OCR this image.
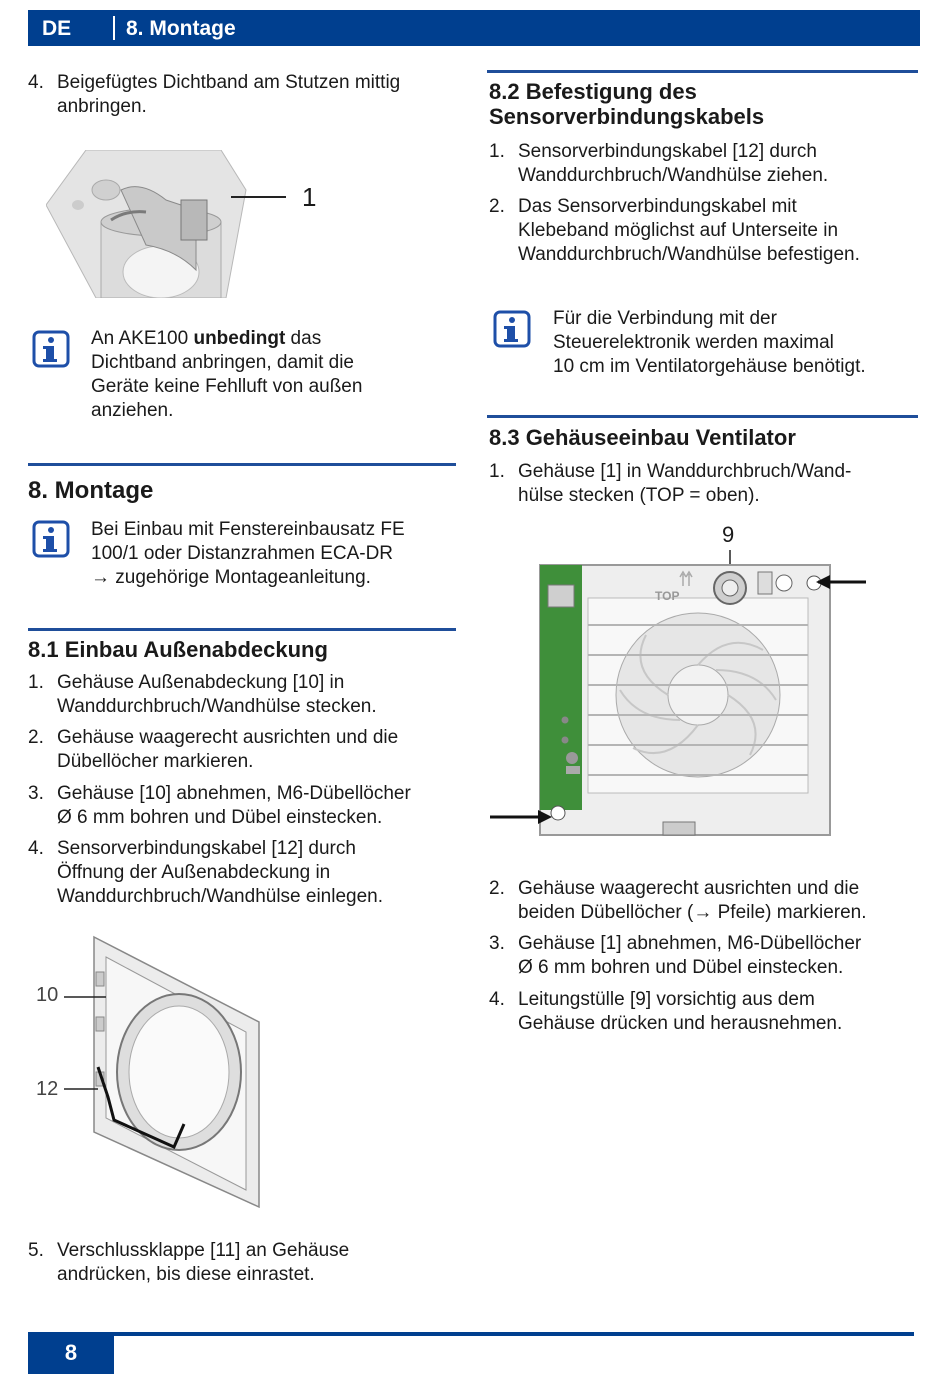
DE	8. Montage
4. Beigefügtes Dichtband am Stutzen mittig
anbringen.
1
An AKE100 unbedingt das
Dichtband anbringen, damit die
Geräte keine Fehlluft von außen
anziehen.
8. Montage
Bei Einbau mit Fenstereinbausatz FE
100/1 oder Distanzrahmen ECA-DR
→ zugehörige Montageanleitung.
8.1 Einbau Außenabdeckung
1. Gehäuse Außenabdeckung [10] in
Wanddurchbruch/Wandhülse stecken.
2. Gehäuse waagerecht ausrichten und die
Dübellöcher markieren.
3. Gehäuse [10] abnehmen, M6-Dübellöcher
Ø 6 mm bohren und Dübel einstecken.
4. Sensorverbindungskabel [12] durch
Öffnung der Außenabdeckung in
Wanddurchbruch/Wandhülse einlegen.
10
12
5. Verschlussklappe [11] an Gehäuse
andrücken, bis diese einrastet.
8.2 Befestigung des
Sensorverbindungskabels
1. Sensorverbindungskabel [12] durch
Wanddurchbruch/Wandhülse ziehen.
2. Das Sensorverbindungskabel mit
Klebeband möglichst auf Unterseite in
Wanddurchbruch/Wandhülse befestigen.
Für die Verbindung mit der
Steuerelektronik werden maximal
10 cm im Ventilatorgehäuse benötigt.
8.3 Gehäuseeinbau Ventilator
1. Gehäuse [1] in Wanddurchbruch/Wand-
hülse stecken (TOP = oben).
9
TOP
2. Gehäuse waagerecht ausrichten und die
beiden Dübellöcher (→ Pfeile) markieren.
3. Gehäuse [1] abnehmen, M6-Dübellöcher
Ø 6 mm bohren und Dübel einstecken.
4. Leitungstülle [9] vorsichtig aus dem
Gehäuse drücken und herausnehmen.
8
